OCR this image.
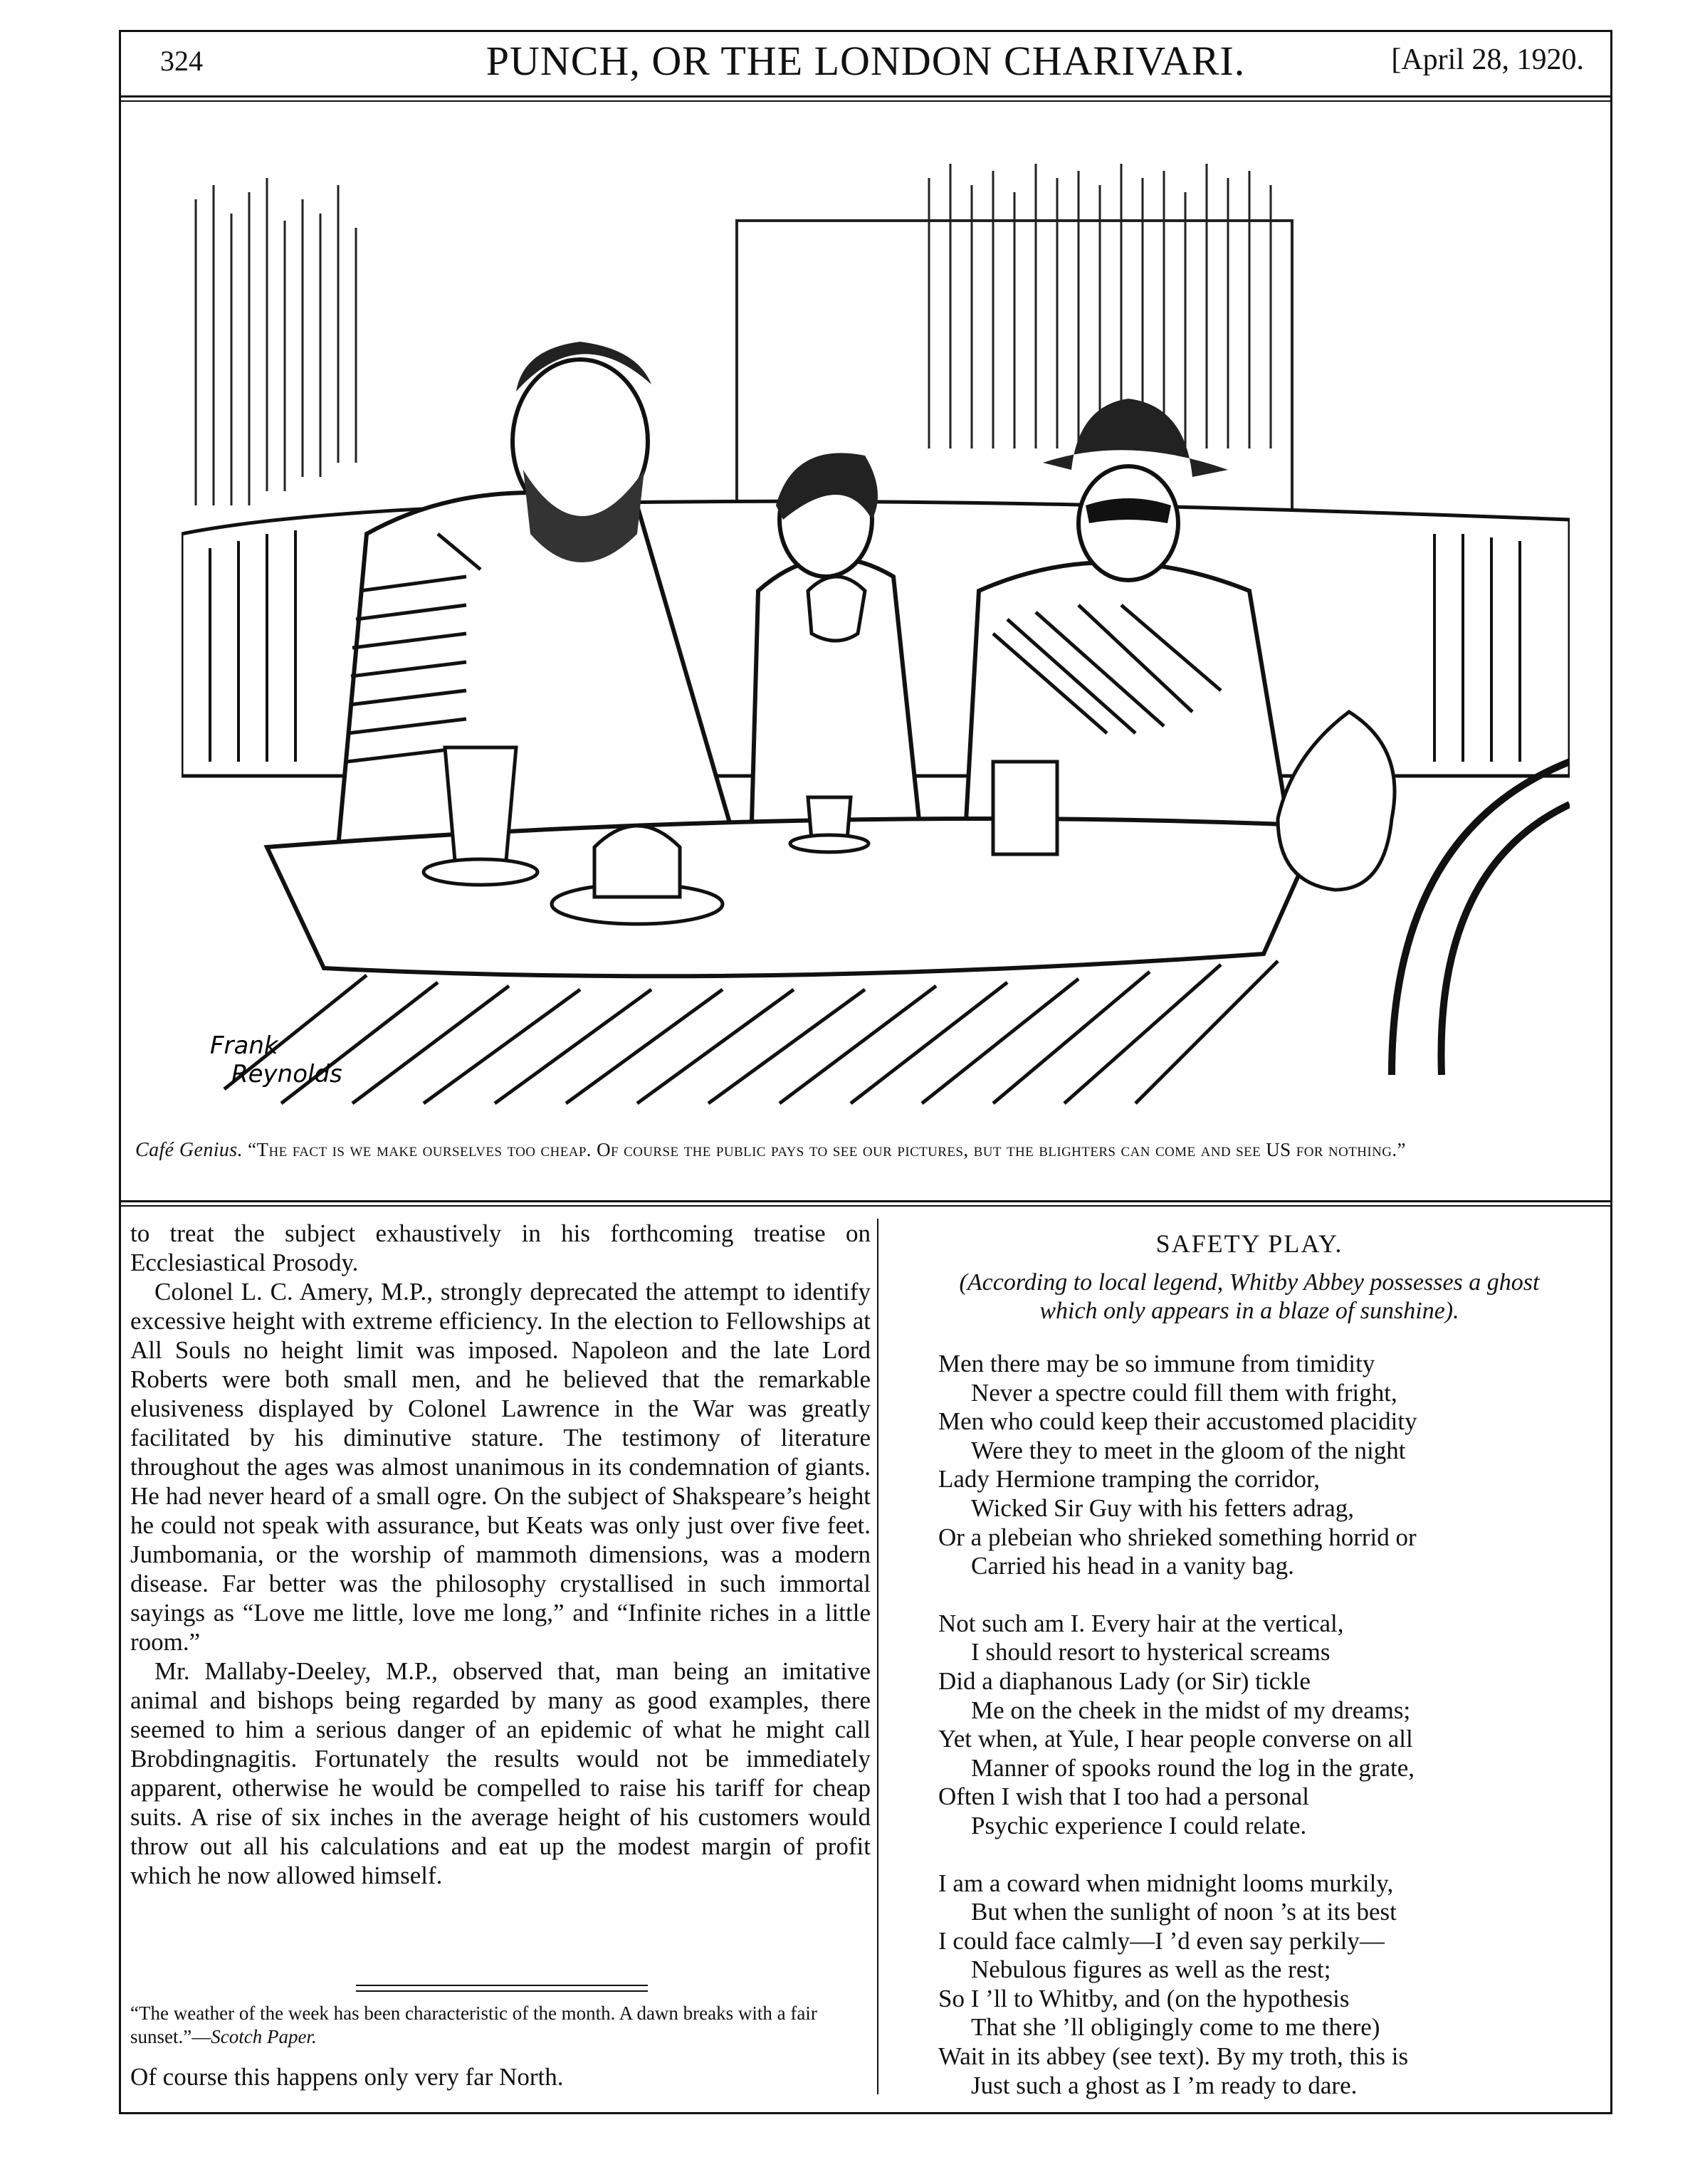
324	PUNCH, OR THE LONDON CHARIVARI.	[April 28, 1920.
Frank
Reynolds
Café Genius. “The fact is we make ourselves too cheap. Of course the public pays to see our pictures, but the blighters can come and see US for nothing.”

to treat the subject exhaustively in his forthcoming treatise on Ecclesiastical Prosody.

Colonel L. C. Amery, M.P., strongly deprecated the attempt to identify excessive height with extreme efficiency. In the election to Fellowships at All Souls no height limit was imposed. Napoleon and the late Lord Roberts were both small men, and he believed that the remarkable elusiveness displayed by Colonel Lawrence in the War was greatly facilitated by his diminutive stature. The testimony of literature throughout the ages was almost unanimous in its condemnation of giants. He had never heard of a small ogre. On the subject of Shakspeare’s height he could not speak with assurance, but Keats was only just over five feet. Jumbomania, or the worship of mammoth dimensions, was a modern disease. Far better was the philosophy crystallised in such immortal sayings as “Love me little, love me long,” and “Infinite riches in a little room.”

Mr. Mallaby-Deeley, M.P., observed that, man being an imitative animal and bishops being regarded by many as good examples, there seemed to him a serious danger of an epidemic of what he might call Brobdingnagitis. Fortunately the results would not be immediately apparent, otherwise he would be compelled to raise his tariff for cheap suits. A rise of six inches in the average height of his customers would throw out all his calculations and eat up the modest margin of profit which he now allowed himself.

“The weather of the week has been characteristic of the month. A dawn breaks with a fair sunset.”—Scotch Paper.
Of course this happens only very far North.
SAFETY PLAY.
(According to local legend, Whitby Abbey possesses a ghost
which only appears in a blaze of sunshine).
Men there may be so immune from timidity
Never a spectre could fill them with fright,
Men who could keep their accustomed placidity
Were they to meet in the gloom of the night
Lady Hermione tramping the corridor,
Wicked Sir Guy with his fetters adrag,
Or a plebeian who shrieked something horrid or
Carried his head in a vanity bag.
Not such am I. Every hair at the vertical,
I should resort to hysterical screams
Did a diaphanous Lady (or Sir) tickle
Me on the cheek in the midst of my dreams;
Yet when, at Yule, I hear people converse on all
Manner of spooks round the log in the grate,
Often I wish that I too had a personal
Psychic experience I could relate.
I am a coward when midnight looms murkily,
But when the sunlight of noon ’s at its best
I could face calmly—I ’d even say perkily—
Nebulous figures as well as the rest;
So I ’ll to Whitby, and (on the hypothesis
That she ’ll obligingly come to me there)
Wait in its abbey (see text). By my troth, this is
Just such a ghost as I ’m ready to dare.
